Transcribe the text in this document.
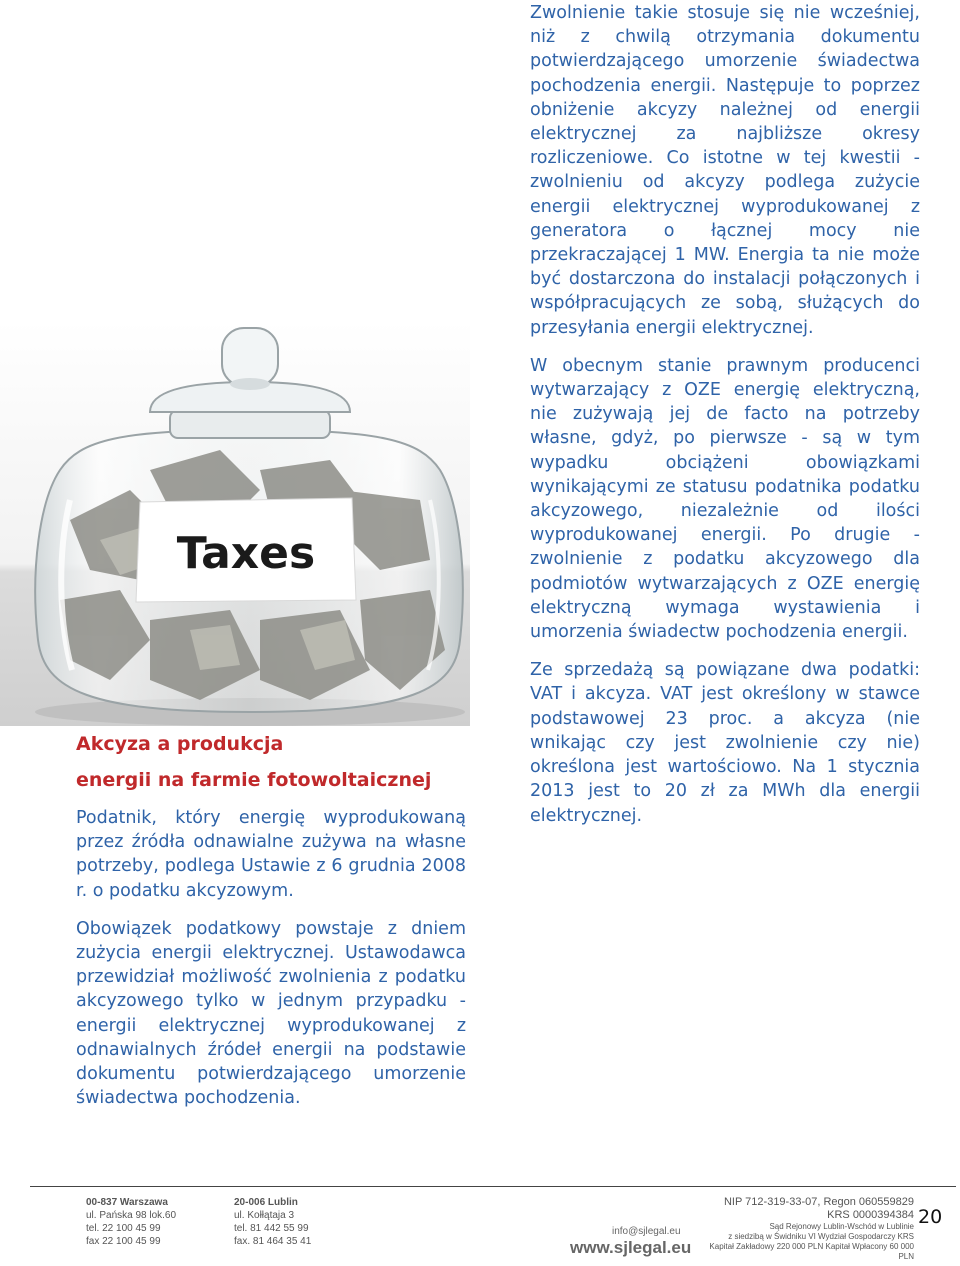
Taxes
Akcyza a produkcja
energii na farmie fotowoltaicznej

Podatnik, który energię wyprodukowaną przez źródła odnawialne zużywa na własne potrzeby, podlega Ustawie z 6 grudnia 2008 r. o podatku akcyzowym.

Obowiązek podatkowy powstaje z dniem zużycia energii elektrycznej. Ustawodawca przewidział możliwość zwolnienia z podatku akcyzowego tylko w jednym przypadku - energii elektrycznej wyprodukowanej z odnawialnych źródeł energii na podstawie dokumentu potwierdzającego umorzenie świadectwa pochodzenia.

Zwolnienie takie stosuje się nie wcześniej, niż z chwilą otrzymania dokumentu potwierdzającego umorzenie świadectwa pochodzenia energii. Następuje to poprzez obniżenie akcyzy należnej od energii elektrycznej za najbliższe okresy rozliczeniowe. Co istotne w tej kwestii - zwolnieniu od akcyzy podlega zużycie energii elektrycznej wyprodukowanej z generatora o łącznej mocy nie przekraczającej 1 MW. Energia ta nie może być dostarczona do instalacji połączonych i współpracujących ze sobą, służących do przesyłania energii elektrycznej.

W obecnym stanie prawnym producenci wytwarzający z OZE energię elektryczną, nie zużywają jej de facto na potrzeby własne, gdyż, po pierwsze - są w tym wypadku obciążeni obowiązkami wynikającymi ze statusu podatnika podatku akcyzowego, niezależnie od ilości wyprodukowanej energii. Po drugie - zwolnienie z podatku akcyzowego dla podmiotów wytwarzających z OZE energię elektryczną wymaga wystawienia i umorzenia świadectw pochodzenia energii.

Ze sprzedażą są powiązane dwa podatki: VAT i akcyza. VAT jest określony w stawce podstawowej 23 proc. a akcyza (nie wnikając czy jest zwolnienie czy nie) określona jest wartościowo. Na 1 stycznia 2013 jest to 20 zł za MWh dla energii elektrycznej.

00-837 Warszawa
ul. Pańska 98 lok.60
tel. 22 100 45 99
fax 22 100 45 99
20-006 Lublin
ul. Kołłątaja 3
tel. 81 442 55 99
fax. 81 464 35 41
info@sjlegal.eu
www.sjlegal.eu
NIP 712-319-33-07, Regon 060559829
KRS 0000394384
Sąd Rejonowy Lublin-Wschód w Lublinie
z siedzibą w Świdniku VI Wydział Gospodarczy KRS
Kapitał Zakładowy 220 000 PLN Kapitał Wpłacony 60 000 PLN
20
